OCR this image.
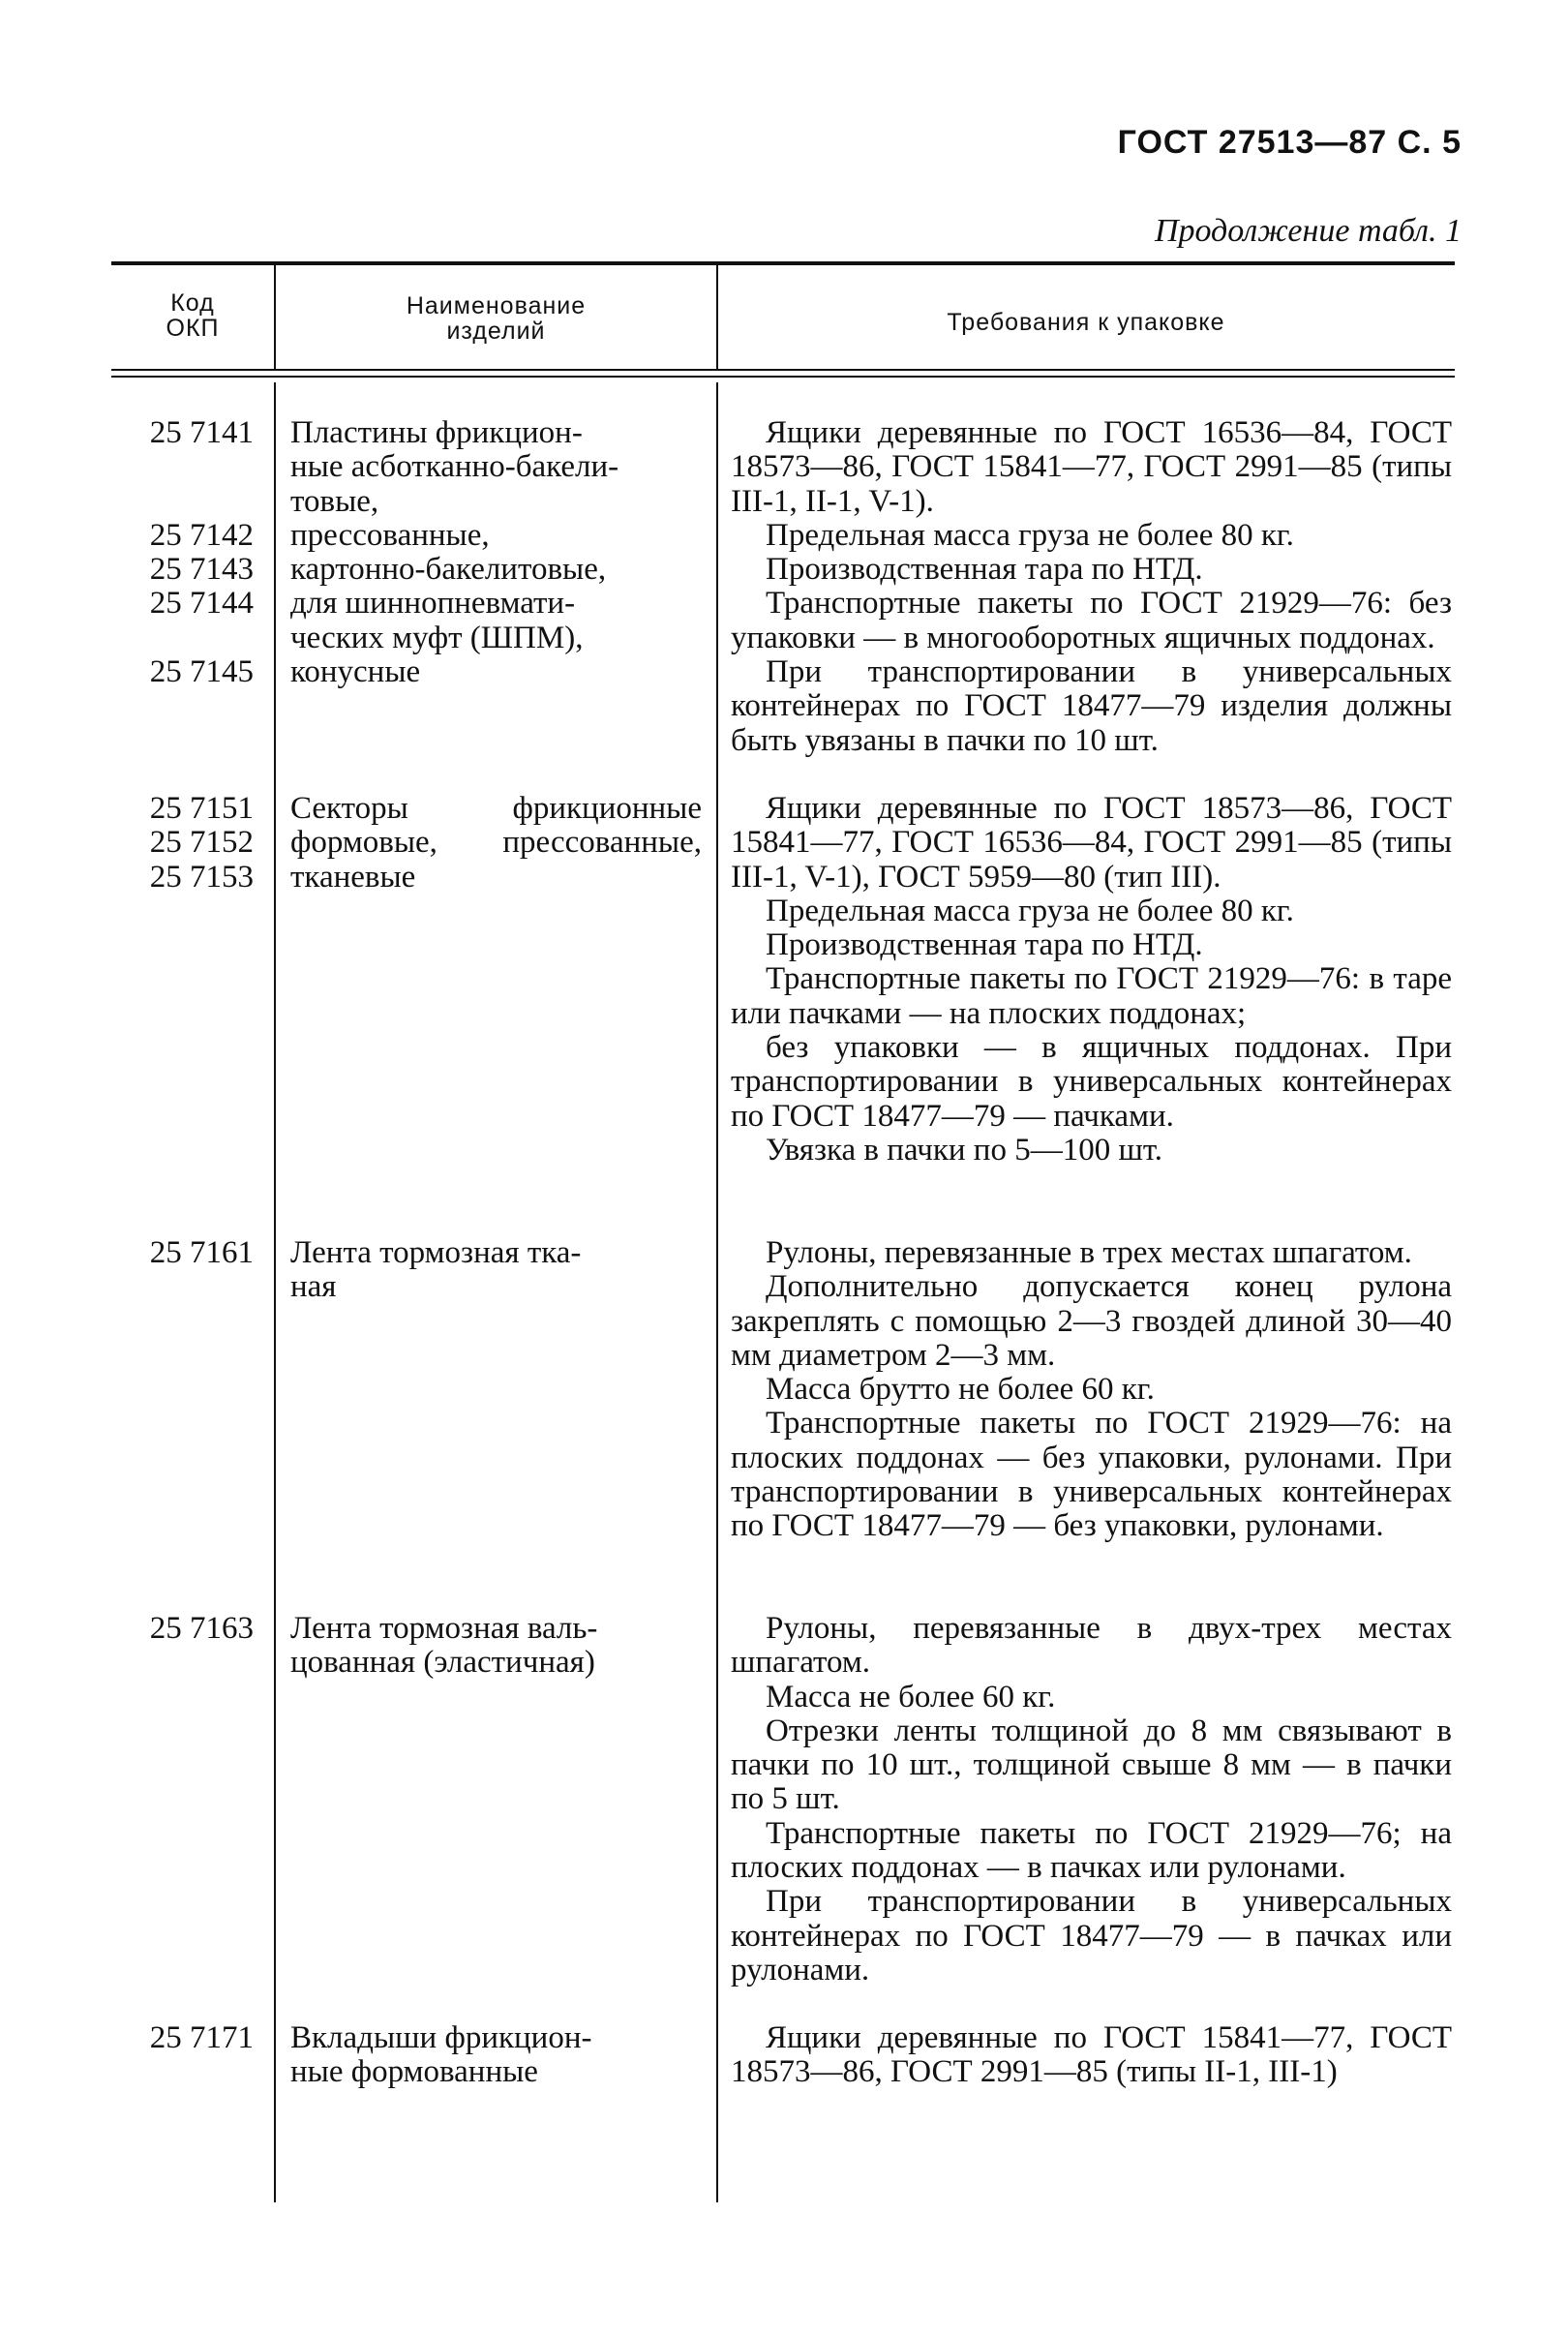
ГОСТ 27513—87 С. 5
Продолжение табл. 1
Код
ОКП
Наименование
изделий	Требования к упаковке
25 7141

25 7142
25 7143
25 7144

25 7145
Пластины фрикцион-
ные асботканно-бакели-
товые,
прессованные,
картонно-бакелитовые,
для шиннопневмати-
ческих муфт (ШПМ),
конусные

Ящики деревянные по ГОСТ 16536—84, ГОСТ 18573—86, ГОСТ 15841—77, ГОСТ 2991—85 (типы III-1, II-1, V-1).

Предельная масса груза не более 80 кг.

Производственная тара по НТД.

Транспортные пакеты по ГОСТ 21929—76: без упаковки — в многооборотных ящичных поддонах.

При транспортировании в универсальных контейнерах по ГОСТ 18477—79 изделия должны быть увязаны в пачки по 10 шт.

25 7151
25 7152
25 7153
Секторы фрикционные формовые, прессованные, тканевые

Ящики деревянные по ГОСТ 18573—86, ГОСТ 15841—77, ГОСТ 16536—84, ГОСТ 2991—85 (типы III-1, V-1), ГОСТ 5959—80 (тип III).

Предельная масса груза не более 80 кг.

Производственная тара по НТД.

Транспортные пакеты по ГОСТ 21929—76: в таре или пачками — на плоских поддонах;

без упаковки — в ящичных поддонах. При транспортировании в универсальных контейнерах по ГОСТ 18477—79 — пачками.

Увязка в пачки по 5—100 шт.

25 7161 Лента тормозная тка-
ная

Рулоны, перевязанные в трех местах шпагатом.

Дополнительно допускается конец рулона закреплять с помощью 2—3 гвоздей длиной 30—40 мм диаметром 2—3 мм.

Масса брутто не более 60 кг.

Транспортные пакеты по ГОСТ 21929—76: на плоских поддонах — без упаковки, рулонами. При транспортировании в универсальных контейнерах по ГОСТ 18477—79 — без упаковки, рулонами.

25 7163 Лента тормозная валь-
цованная (эластичная)

Рулоны, перевязанные в двух-трех местах шпагатом.

Масса не более 60 кг.

Отрезки ленты толщиной до 8 мм связывают в пачки по 10 шт., толщиной свыше 8 мм — в пачки по 5 шт.

Транспортные пакеты по ГОСТ 21929—76; на плоских поддонах — в пачках или рулонами.

При транспортировании в универсальных контейнерах по ГОСТ 18477—79 — в пачках или рулонами.

25 7171 Вкладыши фрикцион-
ные формованные

Ящики деревянные по ГОСТ 15841—77, ГОСТ 18573—86, ГОСТ 2991—85 (типы II-1, III-1)
